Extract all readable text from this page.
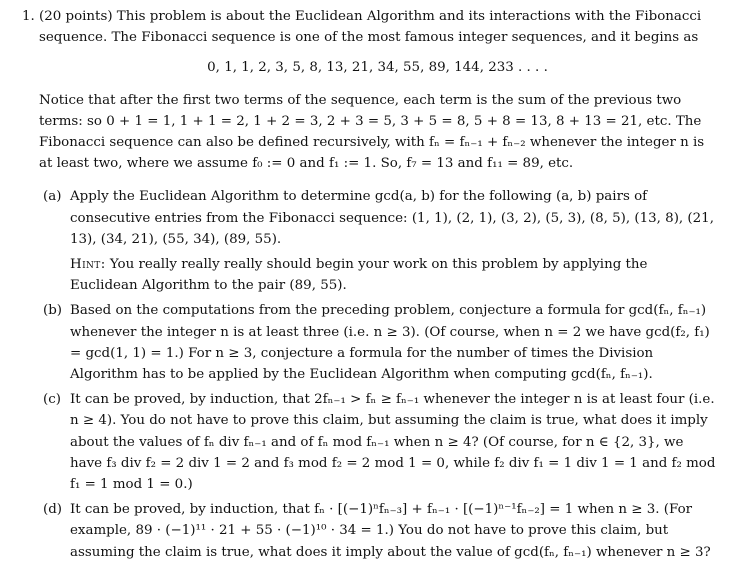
1. (20 points) This problem is about the Euclidean Algorithm and its interactions with the Fibonacci sequence. The Fibonacci sequence is one of the most famous integer sequences, and it begins as

0, 1, 1, 2, 3, 5, 8, 13, 21, 34, 55, 89, 144, 233 . . . .

Notice that after the first two terms of the sequence, each term is the sum of the previous two terms: so 0 + 1 = 1, 1 + 1 = 2, 1 + 2 = 3, 2 + 3 = 5, 3 + 5 = 8, 5 + 8 = 13, 8 + 13 = 21, etc. The Fibonacci sequence can also be defined recursively, with fₙ = fₙ₋₁ + fₙ₋₂ whenever the integer n is at least two, where we assume f₀ := 0 and f₁ := 1. So, f₇ = 13 and f₁₁ = 89, etc.

(a) Apply the Euclidean Algorithm to determine gcd(a, b) for the following (a, b) pairs of consecutive entries from the Fibonacci sequence: (1, 1), (2, 1), (3, 2), (5, 3), (8, 5), (13, 8), (21, 13), (34, 21), (55, 34), (89, 55).

Hint: You really really really should begin your work on this problem by applying the Euclidean Algorithm to the pair (89, 55).

(b) Based on the computations from the preceding problem, conjecture a formula for gcd(fₙ, fₙ₋₁) whenever the integer n is at least three (i.e. n ≥ 3). (Of course, when n = 2 we have gcd(f₂, f₁) = gcd(1, 1) = 1.) For n ≥ 3, conjecture a formula for the number of times the Division Algorithm has to be applied by the Euclidean Algorithm when computing gcd(fₙ, fₙ₋₁).

(c) It can be proved, by induction, that 2fₙ₋₁ > fₙ ≥ fₙ₋₁ whenever the integer n is at least four (i.e. n ≥ 4). You do not have to prove this claim, but assuming the claim is true, what does it imply about the values of fₙ div fₙ₋₁ and of fₙ mod fₙ₋₁ when n ≥ 4? (Of course, for n ∈ {2, 3}, we have f₃ div f₂ = 2 div 1 = 2 and f₃ mod f₂ = 2 mod 1 = 0, while f₂ div f₁ = 1 div 1 = 1 and f₂ mod f₁ = 1 mod 1 = 0.)

(d) It can be proved, by induction, that fₙ · [(−1)ⁿfₙ₋₃] + fₙ₋₁ · [(−1)ⁿ⁻¹fₙ₋₂] = 1 when n ≥ 3. (For example, 89 · (−1)¹¹ · 21 + 55 · (−1)¹⁰ · 34 = 1.) You do not have to prove this claim, but assuming the claim is true, what does it imply about the value of gcd(fₙ, fₙ₋₁) whenever n ≥ 3?
